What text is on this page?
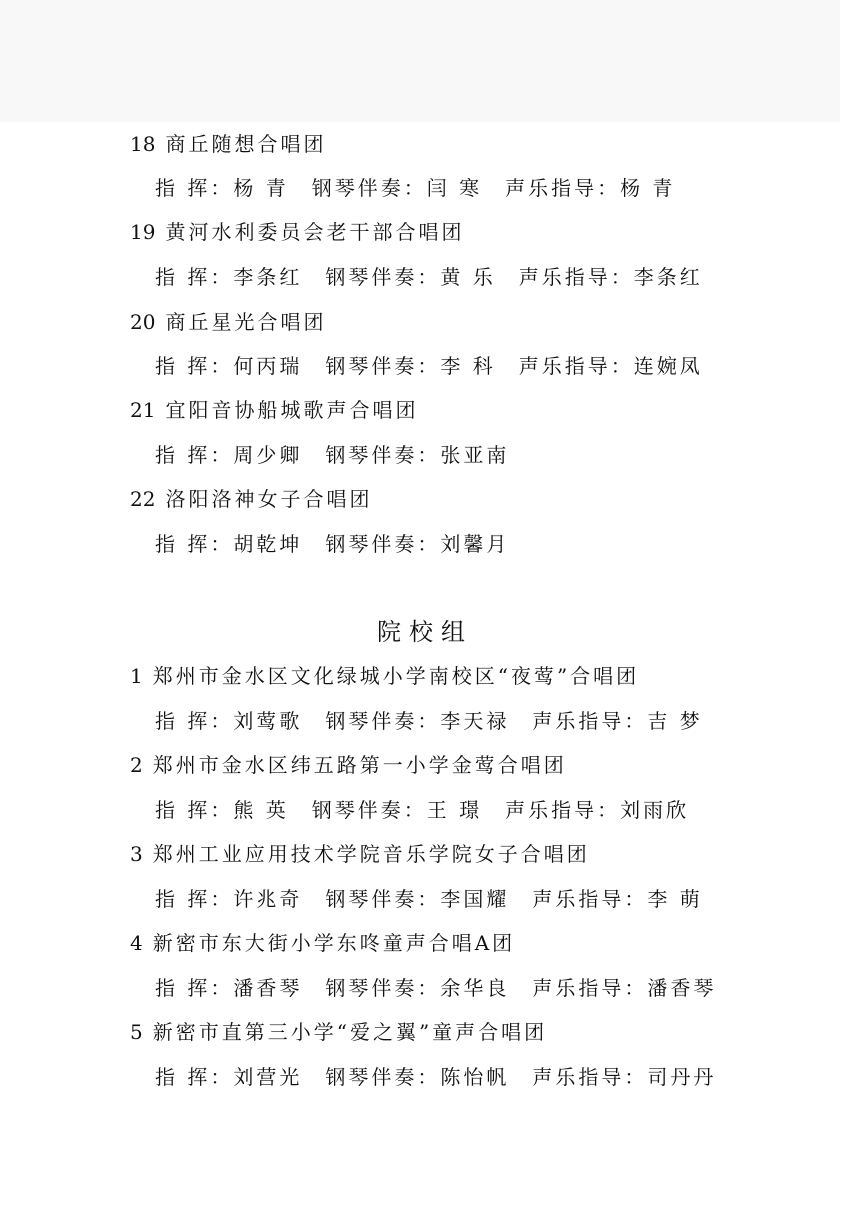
18 商丘随想合唱团
指 挥：杨 青　钢琴伴奏：闫 寒　声乐指导：杨 青
19 黄河水利委员会老干部合唱团
指 挥：李条红　钢琴伴奏：黄 乐　声乐指导：李条红
20 商丘星光合唱团
指 挥：何丙瑞　钢琴伴奏：李 科　声乐指导：连婉凤
21 宜阳音协船城歌声合唱团
指 挥：周少卿　钢琴伴奏：张亚南
22 洛阳洛神女子合唱团
指 挥：胡乾坤　钢琴伴奏：刘馨月
院校组
1 郑州市金水区文化绿城小学南校区“夜莺”合唱团
指 挥：刘莺歌　钢琴伴奏：李天禄　声乐指导：吉 梦
2 郑州市金水区纬五路第一小学金莺合唱团
指 挥：熊 英　钢琴伴奏：王 璟　声乐指导：刘雨欣
3 郑州工业应用技术学院音乐学院女子合唱团
指 挥：许兆奇　钢琴伴奏：李国耀　声乐指导：李 萌
4 新密市东大街小学东咚童声合唱A团
指 挥：潘香琴　钢琴伴奏：余华良　声乐指导：潘香琴
5 新密市直第三小学“爱之翼”童声合唱团
指 挥：刘营光　钢琴伴奏：陈怡帆　声乐指导：司丹丹
